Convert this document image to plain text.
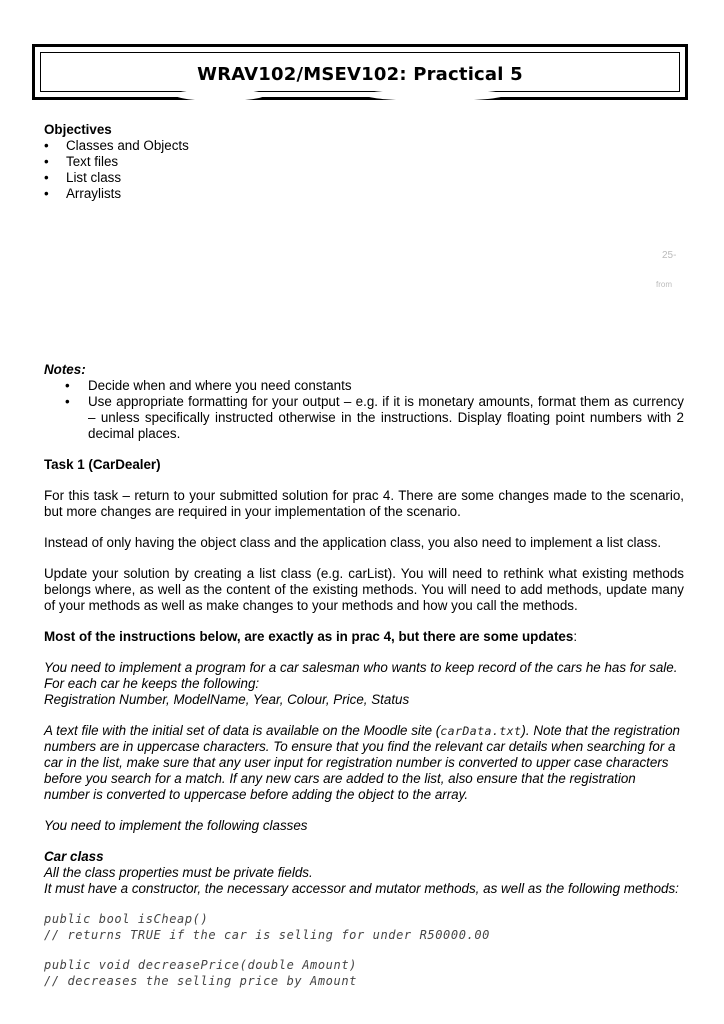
WRAV102/MSEV102: Practical 5
25-
from

Objectives

• Classes and Objects
• Text files
• List class
• Arraylists

Notes:

• Decide when and where you need constants
• Use appropriate formatting for your output – e.g. if it is monetary amounts, format them as currency – unless specifically instructed otherwise in the instructions. Display floating point numbers with 2 decimal places.

Task 1 (CarDealer)

For this task – return to your submitted solution for prac 4. There are some changes made to the scenario, but more changes are required in your implementation of the scenario.

Instead of only having the object class and the application class, you also need to implement a list class.

Update your solution by creating a list class (e.g. carList). You will need to rethink what existing methods belongs where, as well as the content of the existing methods. You will need to add methods, update many of your methods as well as make changes to your methods and how you call the methods.

Most of the instructions below, are exactly as in prac 4, but there are some updates:

You need to implement a program for a car salesman who wants to keep record of the cars he has for sale. For each car he keeps the following:

Registration Number, ModelName, Year, Colour, Price, Status

A text file with the initial set of data is available on the Moodle site (carData.txt). Note that the registration numbers are in uppercase characters. To ensure that you find the relevant car details when searching for a car in the list, make sure that any user input for registration number is converted to upper case characters before you search for a match. If any new cars are added to the list, also ensure that the registration number is converted to uppercase before adding the object to the array.

You need to implement the following classes

Car class

All the class properties must be private fields.

It must have a constructor, the necessary accessor and mutator methods, as well as the following methods:

public bool isCheap()

// returns TRUE if the car is selling for under R50000.00

public void decreasePrice(double Amount)

// decreases the selling price by Amount
